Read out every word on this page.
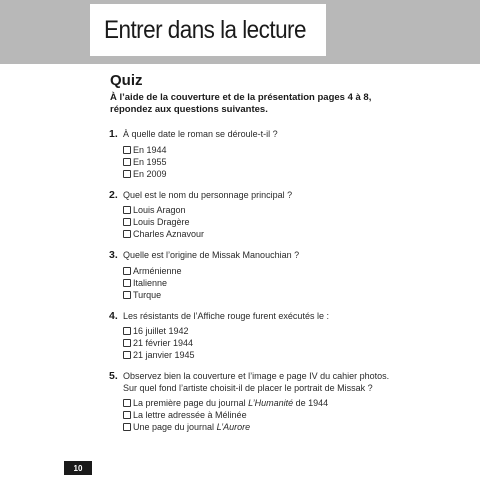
Entrer dans la lecture
Quiz
À l’aide de la couverture et de la présentation pages 4 à 8, répondez aux questions suivantes.
1. À quelle date le roman se déroule-t-il ?
En 1944
En 1955
En 2009
2. Quel est le nom du personnage principal ?
Louis Aragon
Louis Dragère
Charles Aznavour
3. Quelle est l’origine de Missak Manouchian ?
Arménienne
Italienne
Turque
4. Les résistants de l’Affiche rouge furent exécutés le :
16 juillet 1942
21 février 1944
21 janvier 1945
5. Observez bien la couverture et l’image e page IV du cahier photos. Sur quel fond l’artiste choisit-il de placer le portrait de Missak ?
La première page du journal L’Humanité de 1944
La lettre adressée à Mélinée
Une page du journal L’Aurore
10
